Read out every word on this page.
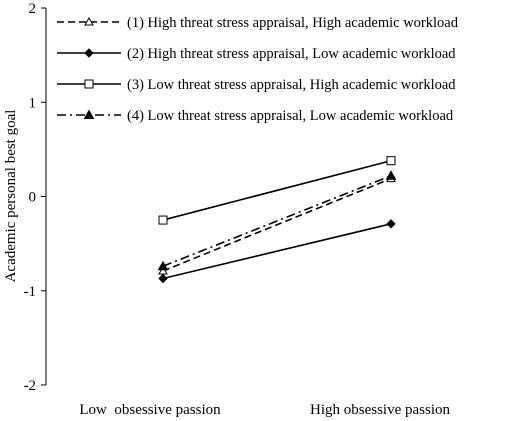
2
1
0
-1
-2
Academic personal best goal
Low  obsessive passion	High obsessive passion
(1) High threat stress appraisal, High academic workload
(2) High threat stress appraisal, Low academic workload
(3) Low threat stress appraisal, High academic workload
(4) Low threat stress appraisal, Low academic workload
